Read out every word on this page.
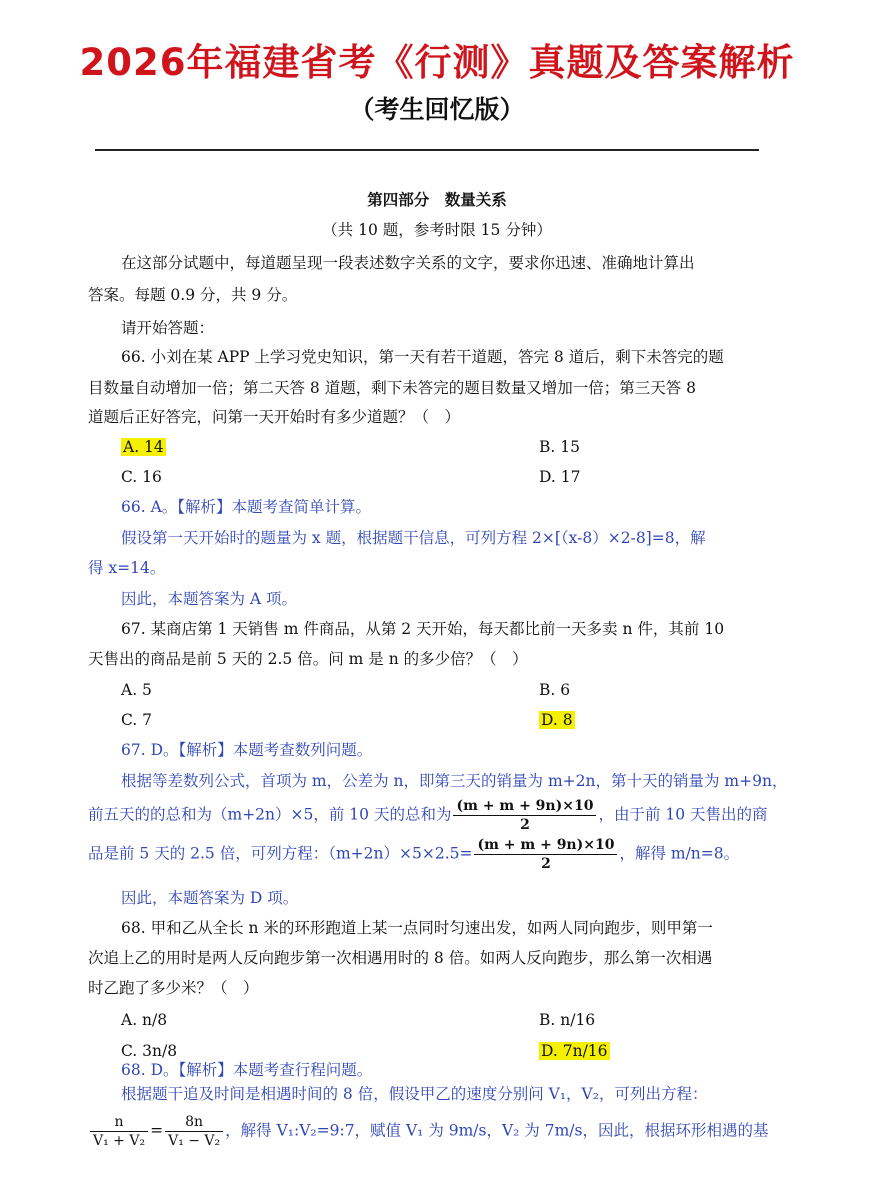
2026年福建省考《行测》真题及答案解析
（考生回忆版）
第四部分　数量关系
（共 10 题，参考时限 15 分钟）
在这部分试题中，每道题呈现一段表述数字关系的文字，要求你迅速、准确地计算出
答案。每题 0.9 分，共 9 分。
请开始答题：
66. 小刘在某 APP 上学习党史知识，第一天有若干道题，答完 8 道后，剩下未答完的题
目数量自动增加一倍；第二天答 8 道题，剩下未答完的题目数量又增加一倍；第三天答 8
道题后正好答完，问第一天开始时有多少道题？（　）
A. 14	B. 15
C. 16	D. 17
66. A。【解析】本题考查简单计算。
假设第一天开始时的题量为 x 题，根据题干信息，可列方程 2×[（x-8）×2-8]=8，解
得 x=14。
因此，本题答案为 A 项。
67. 某商店第 1 天销售 m 件商品，从第 2 天开始，每天都比前一天多卖 n 件，其前 10
天售出的商品是前 5 天的 2.5 倍。问 m 是 n 的多少倍？（　）
A. 5	B. 6
C. 7	D. 8
67. D。【解析】本题考查数列问题。
根据等差数列公式，首项为 m，公差为 n，即第三天的销量为 m+2n，第十天的销量为 m+9n，
前五天的的总和为（m+2n）×5，前 10 天的总和为 $\frac{(m + m + 9n)\times 10}{2}$ ，由于前 10 天售出的商
品是前 5 天的 2.5 倍，可列方程：$(m+2n)\times 5\times 2.5= \frac{(m + m + 9n)\times 10}{2}$ ，解得 m/n=8。
因此，本题答案为 D 项。
68. 甲和乙从全长 n 米的环形跑道上某一点同时匀速出发，如两人同向跑步，则甲第一
次追上乙的用时是两人反向跑步第一次相遇用时的 8 倍。如两人反向跑步，那么第一次相遇
时乙跑了多少米？（　）
A. n/8	B. n/16
C. 3n/8	D. 7n/16
68. D。【解析】本题考查行程问题。
根据题干追及时间是相遇时间的 8 倍，假设甲乙的速度分别问 V₁，V₂，可列出方程：
$\frac{n}{\text{V₁ + V₂}} = \frac{8n}{\text{V₁ − V₂}}$ ，解得 V₁:V₂=9:7，赋值 V₁ 为 9m/s，V₂ 为 7m/s，因此，根据环形相遇的基
